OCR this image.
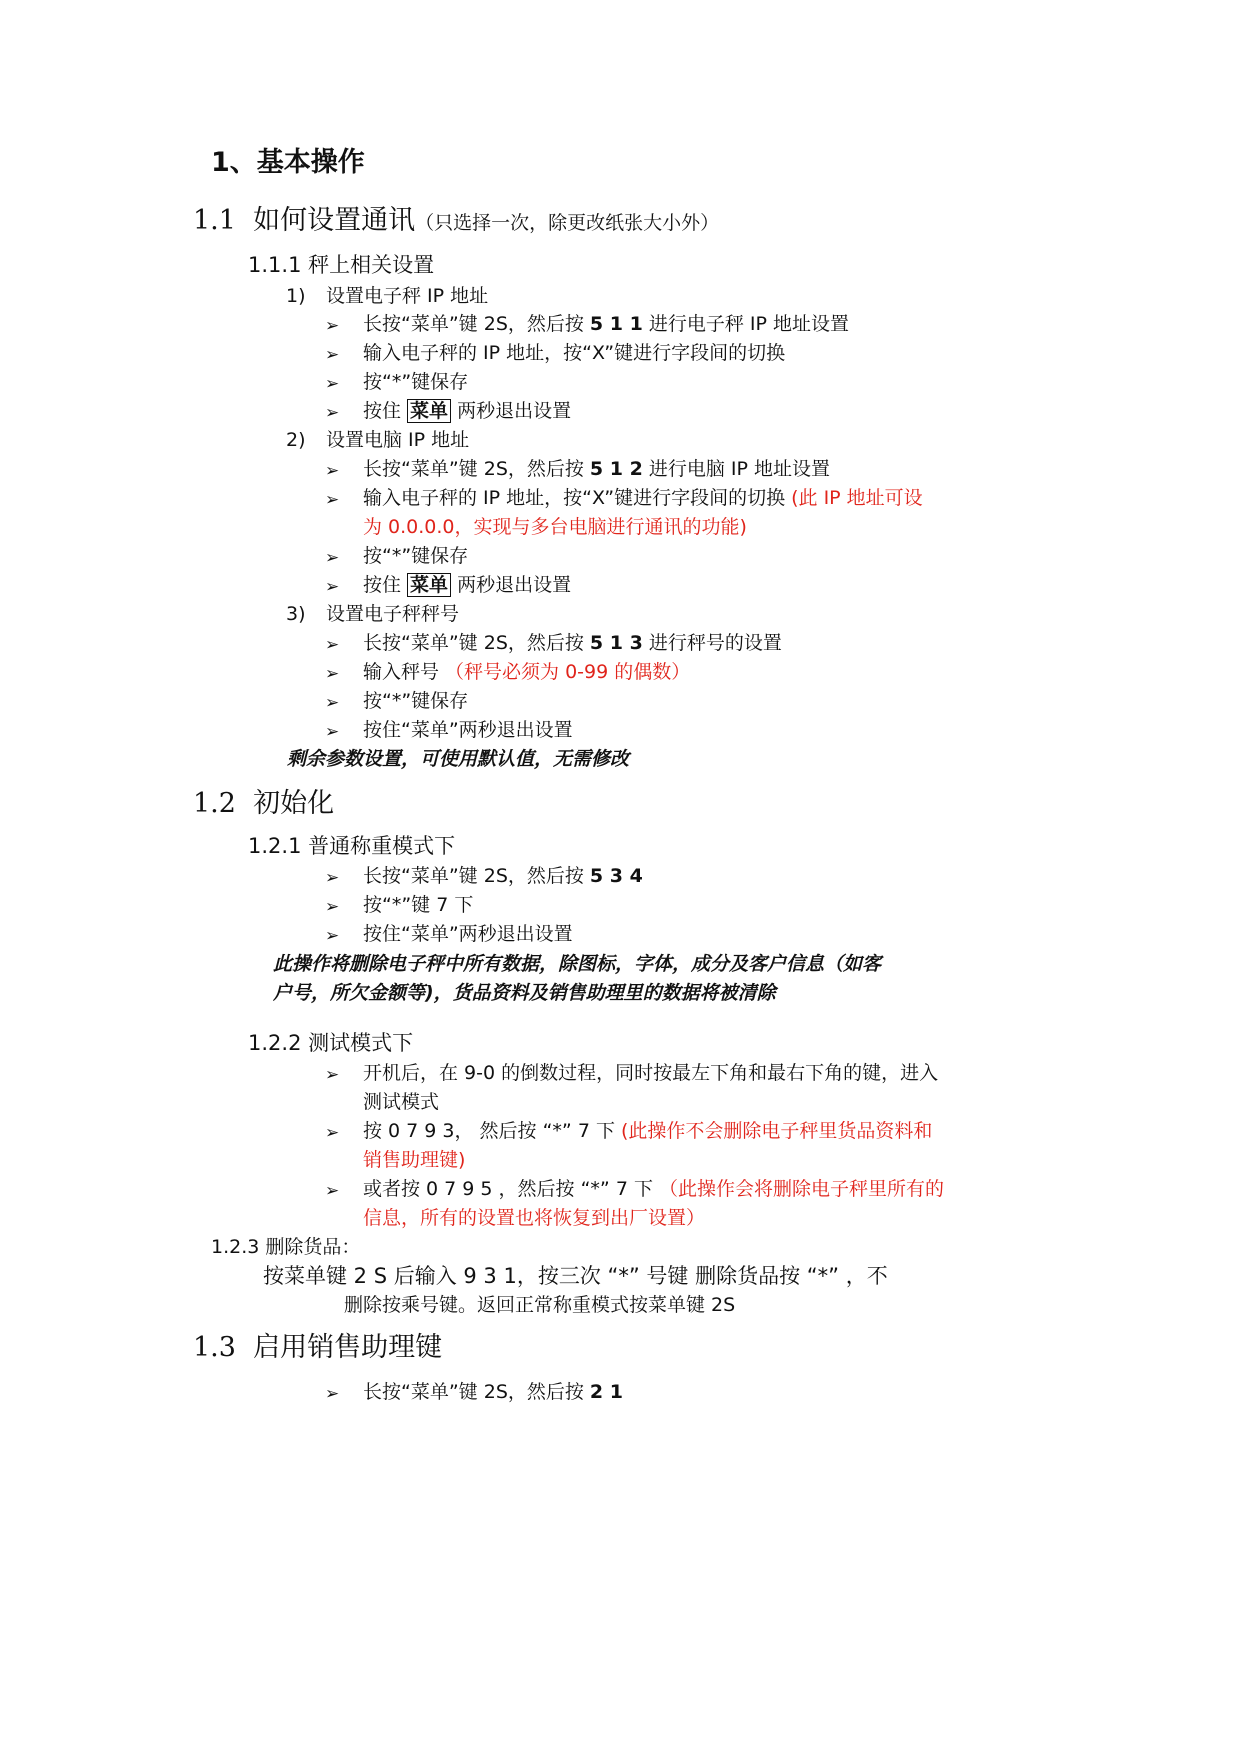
1、基本操作
1.1 如何设置通讯（只选择一次，除更改纸张大小外）
1.1.1 秤上相关设置
1) 设置电子秤 IP 地址
➢ 长按“菜单”键 2S，然后按 5 1 1 进行电子秤 IP 地址设置
➢ 输入电子秤的 IP 地址，按“X”键进行字段间的切换
➢ 按“*”键保存
➢ 按住 菜单 两秒退出设置
2) 设置电脑 IP 地址
➢ 长按“菜单”键 2S，然后按 5 1 2 进行电脑 IP 地址设置
➢ 输入电子秤的 IP 地址，按“X”键进行字段间的切换 (此 IP 地址可设
为 0.0.0.0，实现与多台电脑进行通讯的功能)
➢ 按“*”键保存
➢ 按住 菜单 两秒退出设置
3) 设置电子秤秤号
➢ 长按“菜单”键 2S，然后按 5 1 3 进行秤号的设置
➢ 输入秤号 （秤号必须为 0-99 的偶数）
➢ 按“*”键保存
➢ 按住“菜单”两秒退出设置
剩余参数设置，可使用默认值，无需修改
1.2 初始化
1.2.1 普通称重模式下
➢ 长按“菜单”键 2S，然后按 5 3 4
➢ 按“*”键 7 下
➢ 按住“菜单”两秒退出设置
此操作将删除电子秤中所有数据，除图标，字体，成分及客户信息（如客
户号，所欠金额等)，货品资料及销售助理里的数据将被清除
1.2.2 测试模式下
➢ 开机后，在 9-0 的倒数过程，同时按最左下角和最右下角的键，进入
测试模式
➢ 按 0 7 9 3， 然后按 “*” 7 下 (此操作不会删除电子秤里货品资料和
销售助理键)
➢ 或者按 0 7 9 5 ，然后按 “*” 7 下 （此操作会将删除电子秤里所有的
信息，所有的设置也将恢复到出厂设置）
1.2.3 删除货品：
按菜单键 2 S 后输入 9 3 1，按三次 “*” 号键 删除货品按 “*” ，不
删除按乘号键。返回正常称重模式按菜单键 2S
1.3 启用销售助理键
➢ 长按“菜单”键 2S，然后按 2 1
